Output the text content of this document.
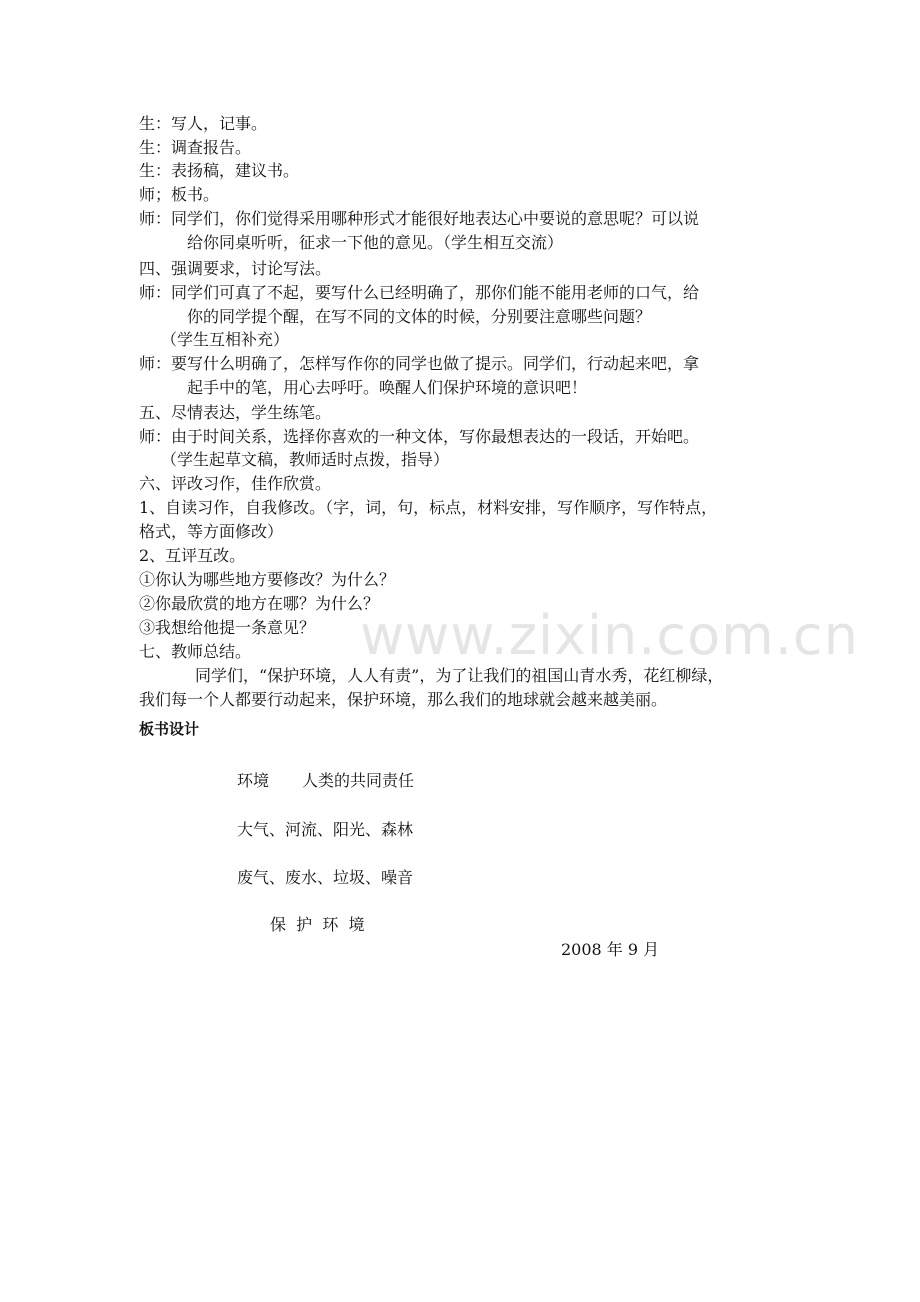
生：写人，记事。
生：调查报告。
生：表扬稿，建议书。
师；板书。
师：同学们，你们觉得采用哪种形式才能很好地表达心中要说的意思呢？可以说
给你同桌听听，征求一下他的意见。（学生相互交流）
四、强调要求，讨论写法。
师：同学们可真了不起，要写什么已经明确了，那你们能不能用老师的口气，给
你的同学提个醒，在写不同的文体的时候，分别要注意哪些问题？
（学生互相补充）
师：要写什么明确了，怎样写作你的同学也做了提示。同学们，行动起来吧，拿
起手中的笔，用心去呼吁。唤醒人们保护环境的意识吧！
五、尽情表达，学生练笔。
师：由于时间关系，选择你喜欢的一种文体，写你最想表达的一段话，开始吧。
（学生起草文稿，教师适时点拨，指导）
六、评改习作，佳作欣赏。
1、自读习作，自我修改。（字，词，句，标点，材料安排，写作顺序，写作特点，
格式，等方面修改）
2、互评互改。
①你认为哪些地方要修改？为什么？
②你最欣赏的地方在哪？为什么？
③我想给他提一条意见？
七、教师总结。
同学们，“保护环境，人人有责”，为了让我们的祖国山青水秀，花红柳绿，
我们每一个人都要行动起来，保护环境，那么我们的地球就会越来越美丽。
板书设计
环境 人类的共同责任
大气、河流、阳光、森林
废气、废水、垃圾、噪音
保  护  环  境
2008 年 9 月
www.zixin.com.cn
